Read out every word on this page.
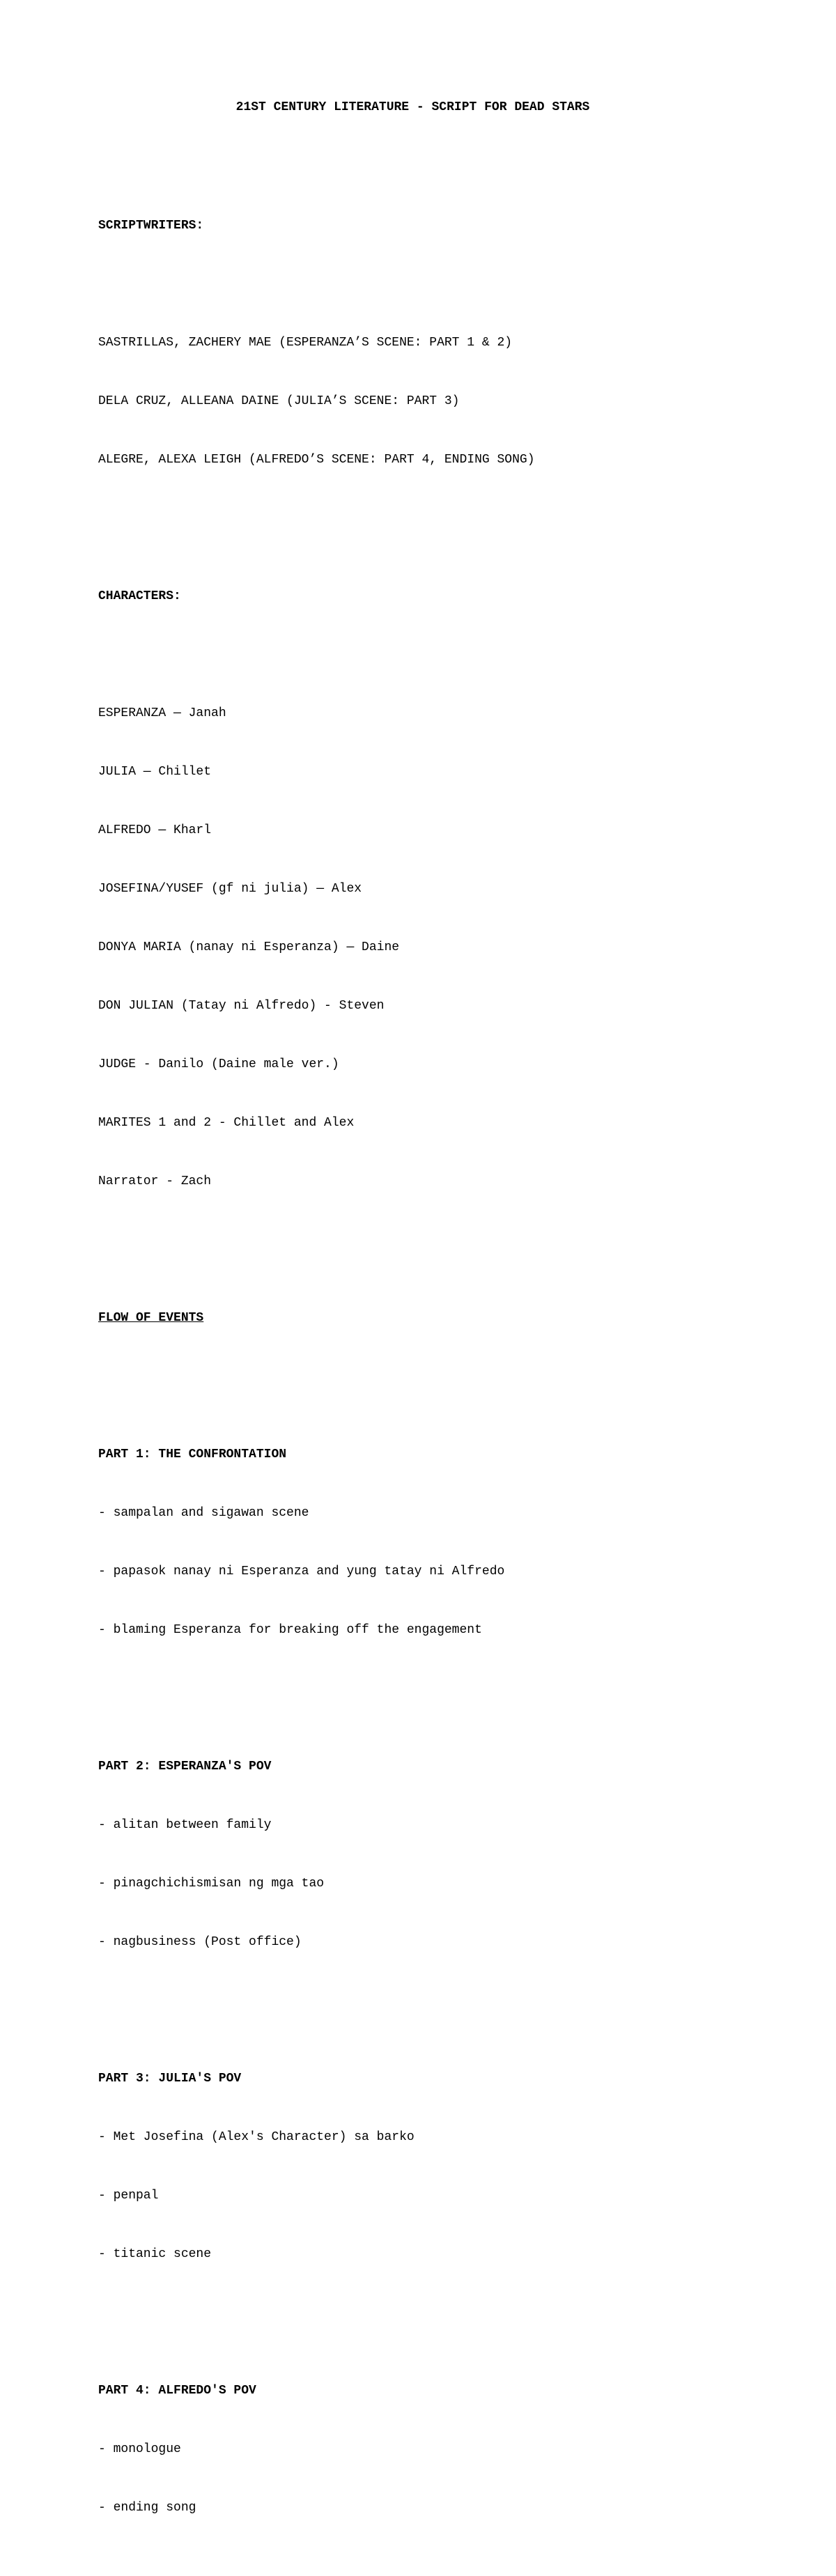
21ST CENTURY LITERATURE - SCRIPT FOR DEAD STARS

SCRIPTWRITERS:

SASTRILLAS, ZACHERY MAE (ESPERANZA’S SCENE: PART 1 & 2)

DELA CRUZ, ALLEANA DAINE (JULIA’S SCENE: PART 3)

ALEGRE, ALEXA LEIGH (ALFREDO’S SCENE: PART 4, ENDING SONG)

CHARACTERS:

ESPERANZA — Janah

JULIA — Chillet

ALFREDO — Kharl

JOSEFINA/YUSEF (gf ni julia) — Alex

DONYA MARIA (nanay ni Esperanza) — Daine

DON JULIAN (Tatay ni Alfredo) - Steven

JUDGE - Danilo (Daine male ver.)

MARITES 1 and 2 - Chillet and Alex

Narrator - Zach

FLOW OF EVENTS

PART 1: THE CONFRONTATION

- sampalan and sigawan scene

- papasok nanay ni Esperanza and yung tatay ni Alfredo

- blaming Esperanza for breaking off the engagement

PART 2: ESPERANZA'S POV

- alitan between family

- pinagchichismisan ng mga tao

- nagbusiness (Post office)

PART 3: JULIA'S POV

- Met Josefina (Alex's Character) sa barko

- penpal

- titanic scene

PART 4: ALFREDO'S POV

- monologue

- ending song
